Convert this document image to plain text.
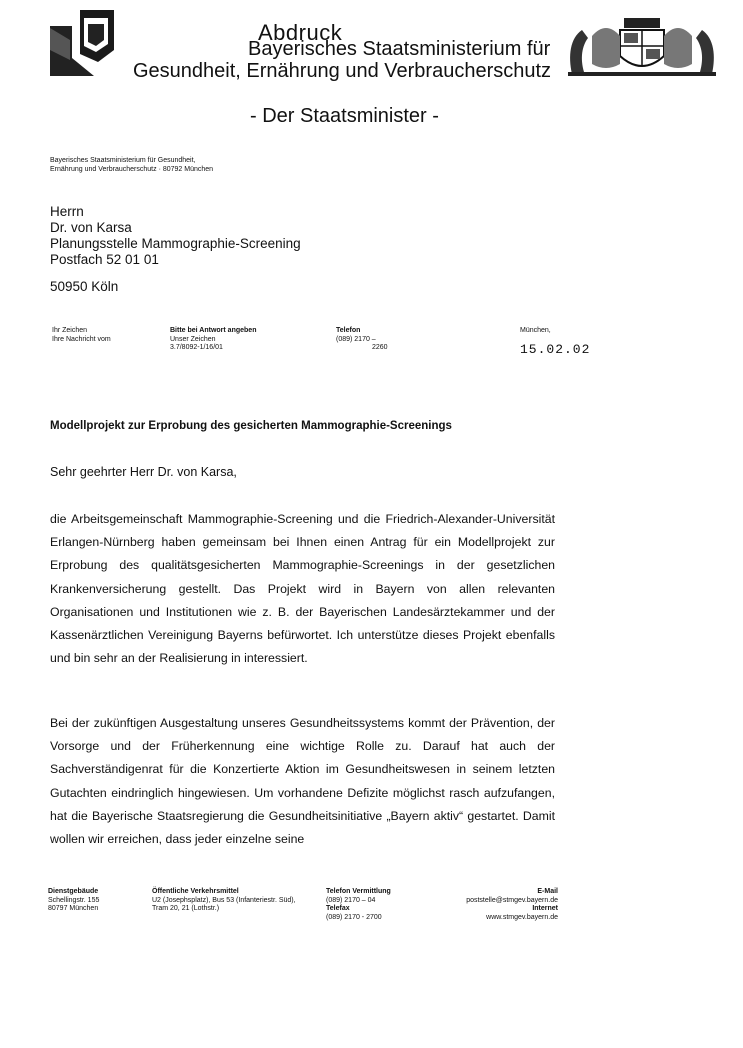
Abdruck
Bayerisches Staatsministerium für
Gesundheit, Ernährung und Verbraucherschutz
- Der Staatsminister -
Bayerisches Staatsministerium für Gesundheit,
Ernährung und Verbraucherschutz · 80792 München
Herrn
Dr. von Karsa
Planungsstelle Mammographie-Screening
Postfach 52 01 01
50950 Köln
Ihr Zeichen
Ihre Nachricht vom
Bitte bei Antwort angeben
Unser Zeichen
3.7/8092-1/16/01
Telefon
(089) 2170 –
2260
München,
15.02.02
Modellprojekt zur Erprobung des gesicherten Mammographie-Screenings
Sehr geehrter Herr Dr. von Karsa,
die Arbeitsgemeinschaft Mammographie-Screening und die Friedrich-Alexander-Universität Erlangen-Nürnberg haben gemeinsam bei Ihnen einen Antrag für ein Modellprojekt zur Erprobung des qualitätsgesicherten Mammographie-Screenings in der gesetzlichen Krankenversicherung gestellt. Das Projekt wird in Bayern von allen relevanten Organisationen und Institutionen wie z. B. der Bayerischen Landesärztekammer und der Kassenärztlichen Vereinigung Bayerns befürwortet. Ich unterstütze dieses Projekt ebenfalls und bin sehr an der Realisierung in interessiert.
Bei der zukünftigen Ausgestaltung unseres Gesundheitssystems kommt der Prävention, der Vorsorge und der Früherkennung eine wichtige Rolle zu. Darauf hat auch der Sachverständigenrat für die Konzertierte Aktion im Gesundheitswesen in seinem letzten Gutachten eindringlich hingewiesen. Um vorhandene Defizite möglichst rasch aufzufangen, hat die Bayerische Staatsregierung die Gesundheitsinitiative „Bayern aktiv“ gestartet. Damit wollen wir erreichen, dass jeder einzelne seine
Dienstgebäude
Schellingstr. 155
80797 München
Öffentliche Verkehrsmittel
U2 (Josephsplatz), Bus 53 (Infanteriestr. Süd),
Tram 20, 21 (Lothstr.)
Telefon Vermittlung
(089) 2170 – 04
Telefax
(089) 2170 - 2700
E-Mail
poststelle@stmgev.bayern.de
Internet
www.stmgev.bayern.de
